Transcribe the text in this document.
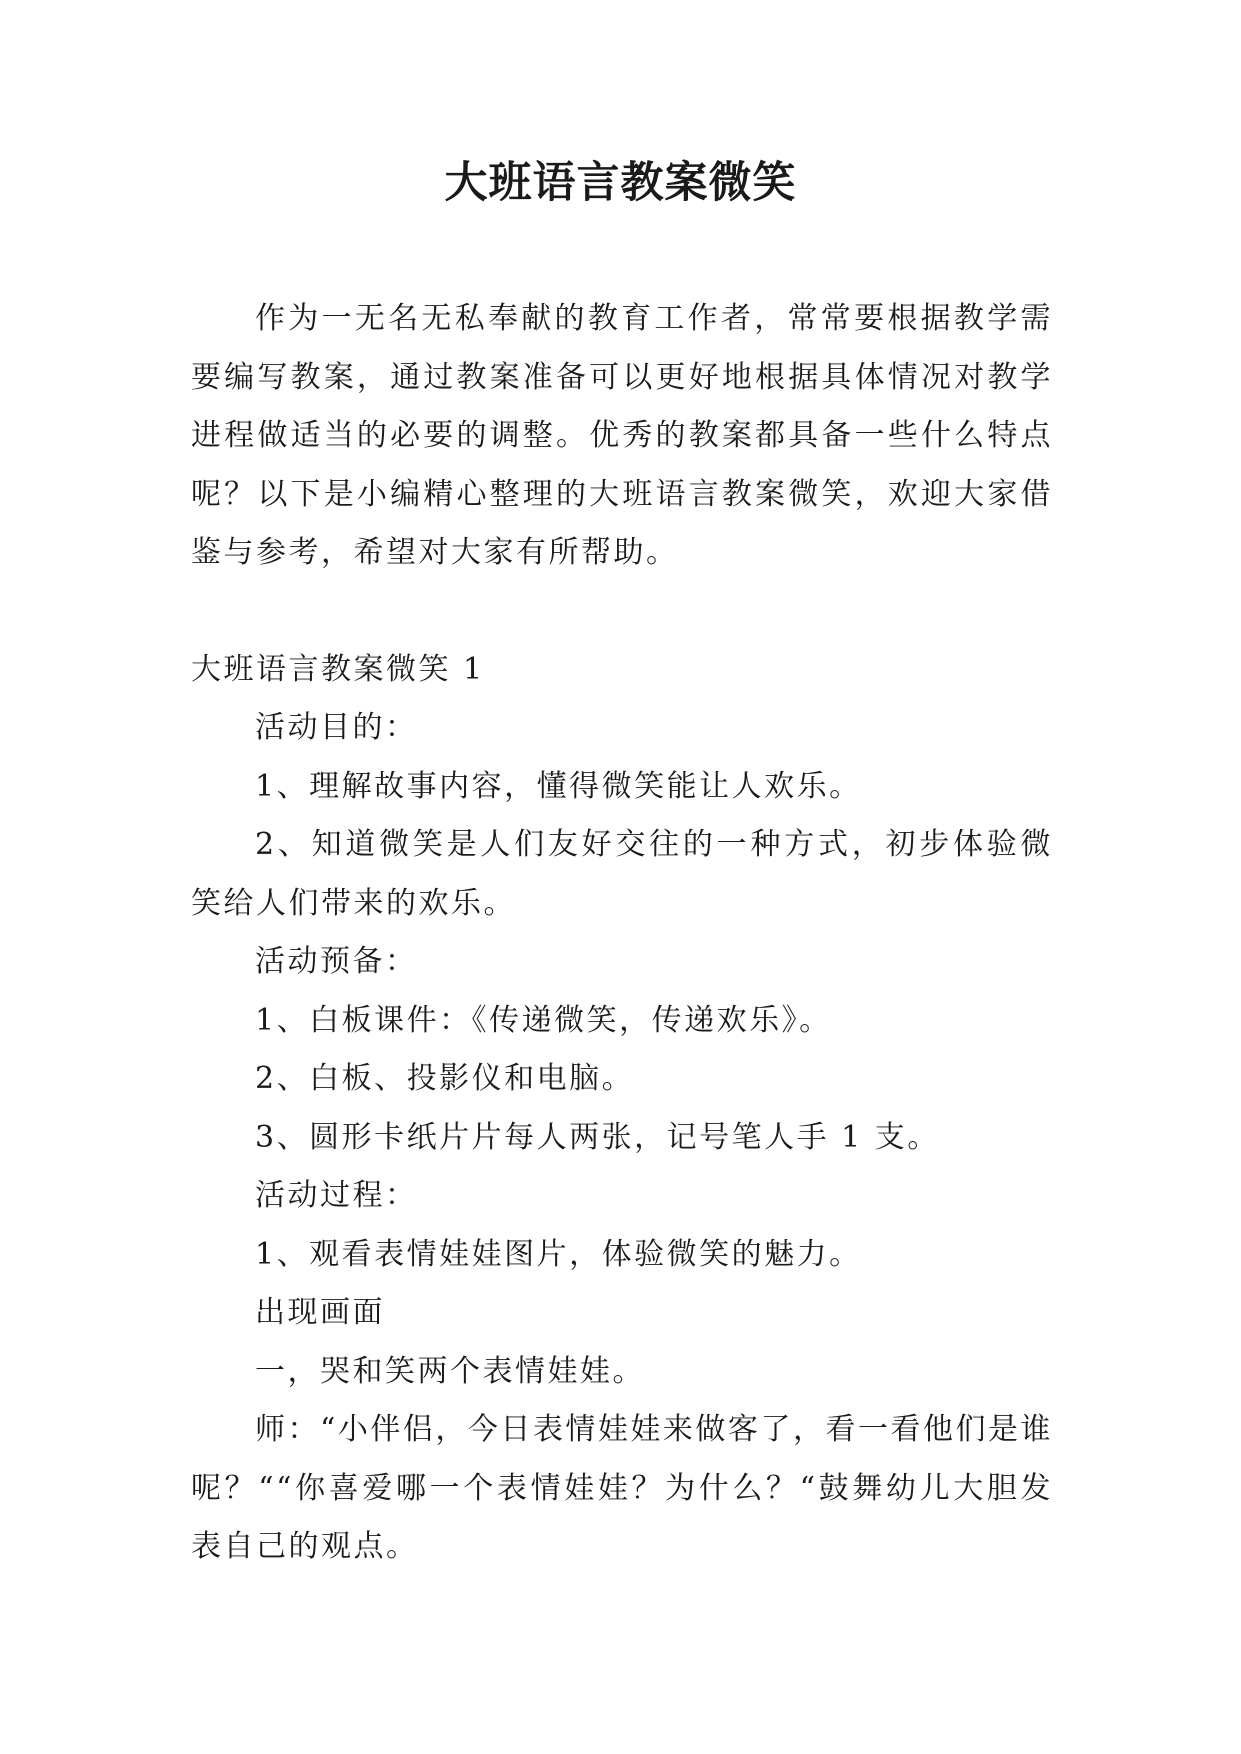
大班语言教案微笑

作为一无名无私奉献的教育工作者，常常要根据教学需要编写教案，通过教案准备可以更好地根据具体情况对教学进程做适当的必要的调整。优秀的教案都具备一些什么特点呢？以下是小编精心整理的大班语言教案微笑，欢迎大家借鉴与参考，希望对大家有所帮助。

大班语言教案微笑 1

活动目的：

1、理解故事内容，懂得微笑能让人欢乐。

2、知道微笑是人们友好交往的一种方式，初步体验微笑给人们带来的欢乐。

活动预备：

1、白板课件：《传递微笑，传递欢乐》。

2、白板、投影仪和电脑。

3、圆形卡纸片片每人两张，记号笔人手 1 支。

活动过程：

1、观看表情娃娃图片，体验微笑的魅力。

出现画面

一，哭和笑两个表情娃娃。

师：“小伴侣，今日表情娃娃来做客了，看一看他们是谁呢？““你喜爱哪一个表情娃娃？为什么？“鼓舞幼儿大胆发表自己的观点。
